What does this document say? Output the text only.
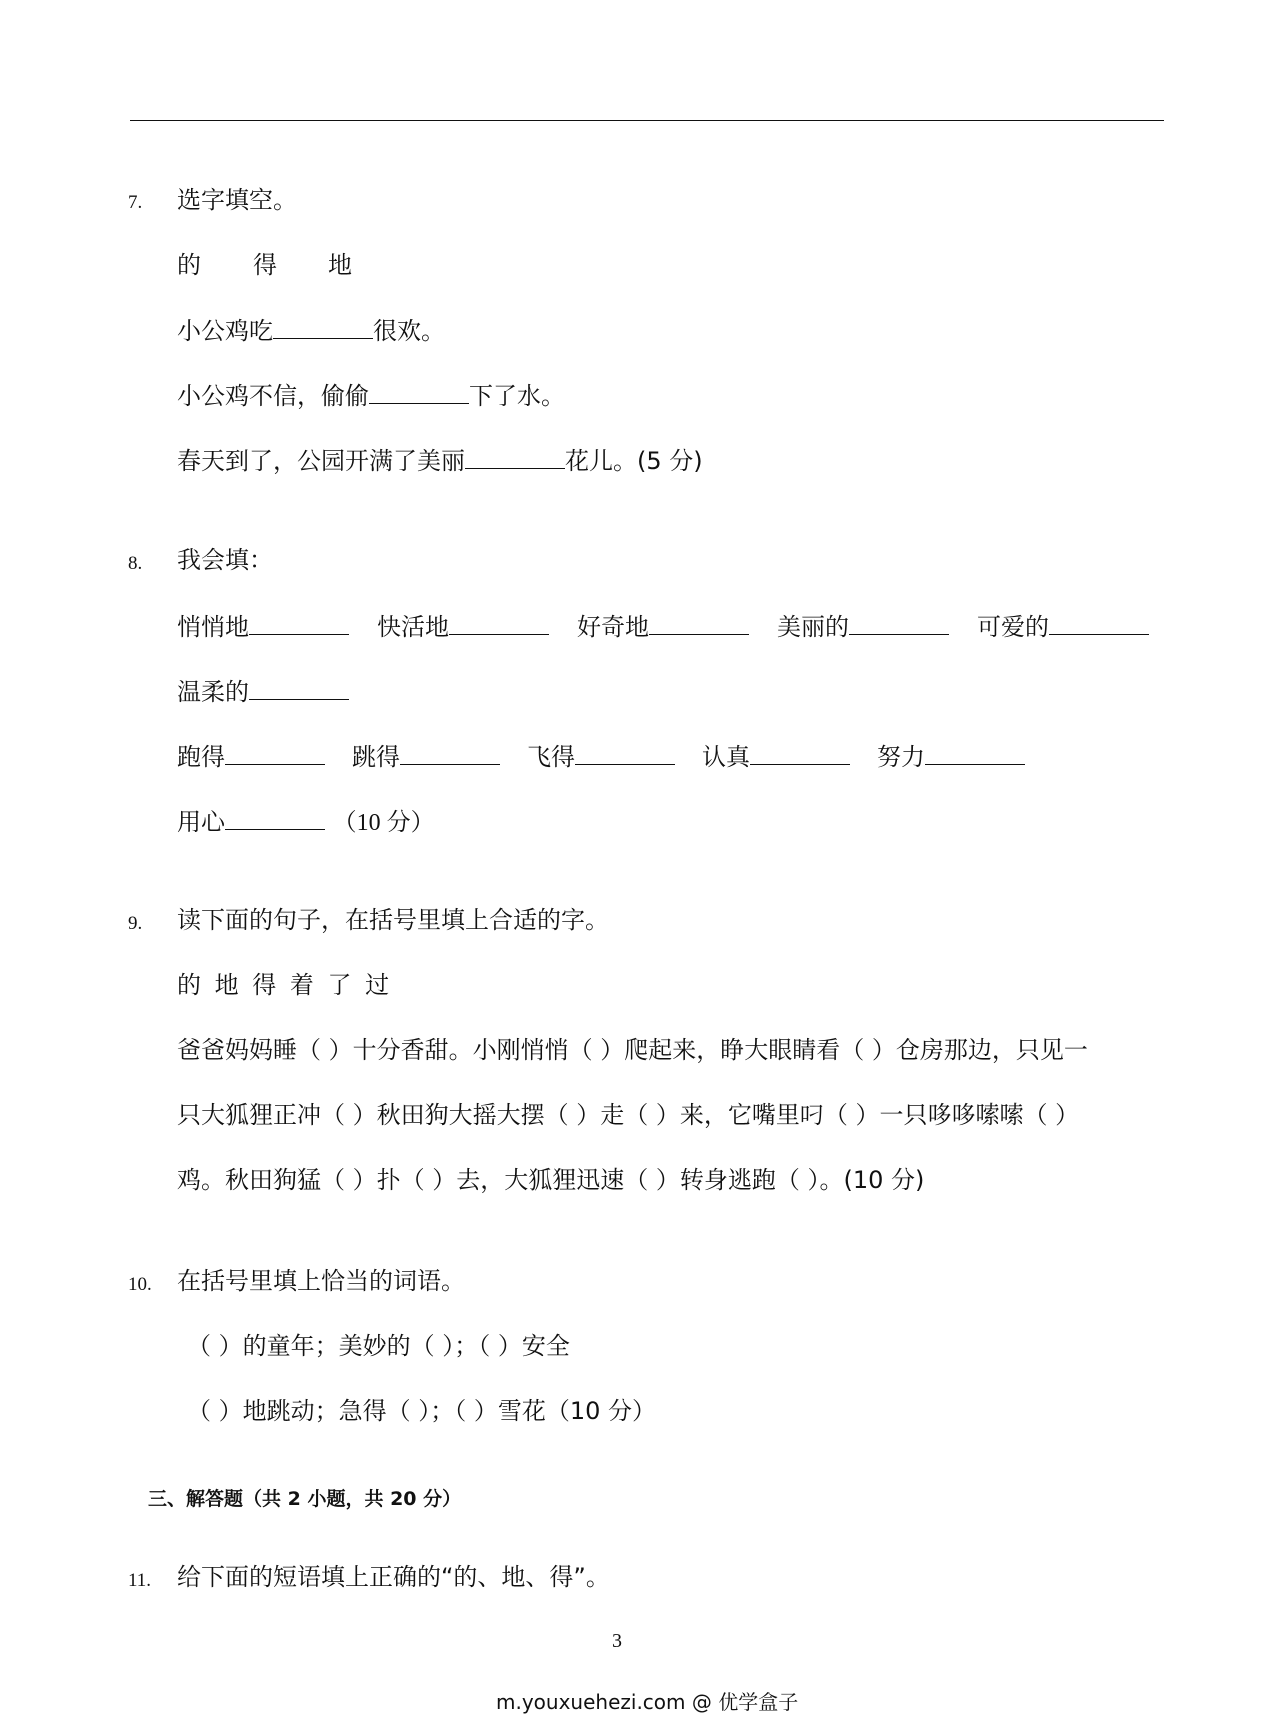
7. 选字填空。
的 得 地
小公鸡吃	很欢。
小公鸡不信，偷偷	下了水。
春天到了，公园开满了美丽	花儿。(5 分)
8. 我会填：
悄悄地	快活地	好奇地	美丽的	可爱的
温柔的
跑得	跳得	飞得	认真	努力
用心	（10 分）
9. 读下面的句子，在括号里填上合适的字。
的 地 得 着 了 过
爸爸妈妈睡（ ）十分香甜。小刚悄悄（ ）爬起来，睁大眼睛看（ ）仓房那边，只见一
只大狐狸正冲（ ）秋田狗大摇大摆（ ）走（ ）来，它嘴里叼（ ）一只哆哆嗦嗦（ ）
鸡。秋田狗猛（ ）扑（ ）去，大狐狸迅速（ ）转身逃跑（ ）。(10 分)
10. 在括号里填上恰当的词语。
（ ）的童年；美妙的（ ）；（ ）安全
（ ）地跳动；急得（ ）；（ ）雪花（10 分）
三、解答题（共 2 小题，共 20 分）
11. 给下面的短语填上正确的“的、地、得”。
3
m.youxuehezi.com @ 优学盒子
